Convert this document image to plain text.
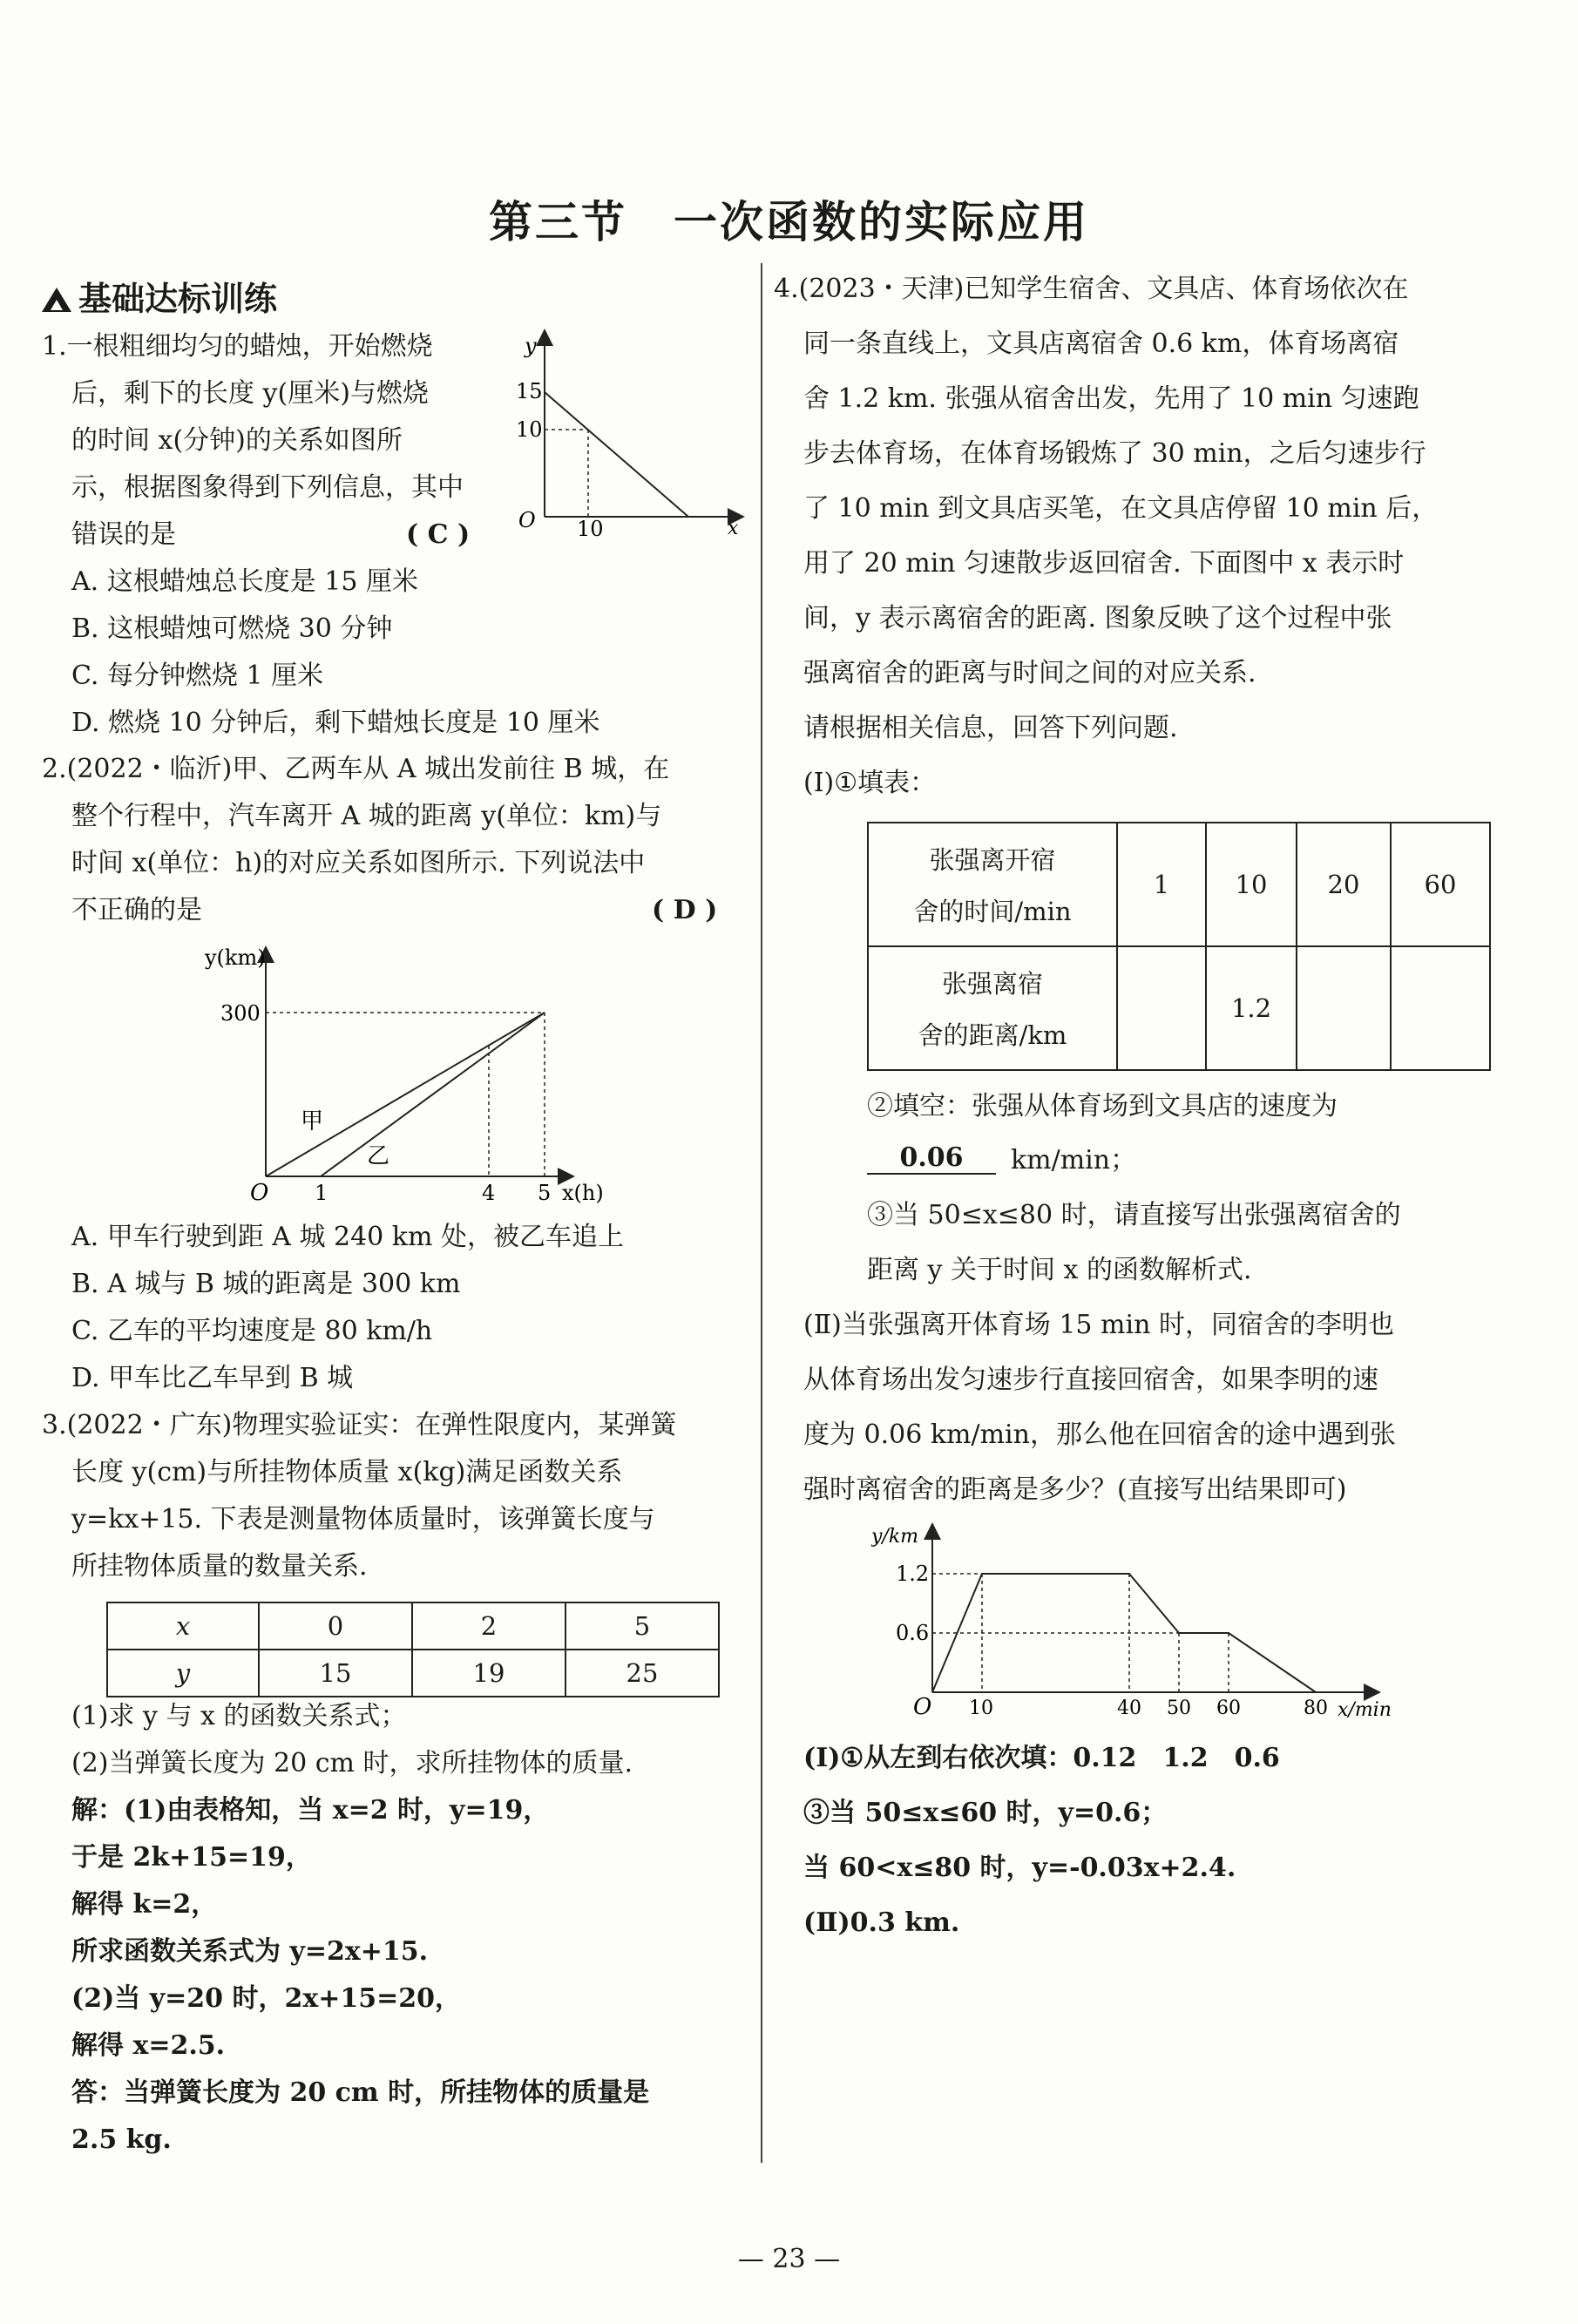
第三节　一次函数的实际应用
基础达标训练
1.一根粗细均匀的蜡烛，开始燃烧
后，剩下的长度 y(厘米)与燃烧
的时间 x(分钟)的关系如图所
示，根据图象得到下列信息，其中
错误的是	( C )
A. 这根蜡烛总长度是 15 厘米
B. 这根蜡烛可燃烧 30 分钟
C. 每分钟燃烧 1 厘米
D. 燃烧 10 分钟后，剩下蜡烛长度是 10 厘米
y
x
15
10
O 10
2.(2022・临沂)甲、乙两车从 A 城出发前往 B 城，在
整个行程中，汽车离开 A 城的距离 y(单位：km)与
时间 x(单位：h)的对应关系如图所示. 下列说法中
不正确的是	( D )
y(km)
x(h)
300
O 1	4 5
甲
乙
A. 甲车行驶到距 A 城 240 km 处，被乙车追上
B. A 城与 B 城的距离是 300 km
C. 乙车的平均速度是 80 km/h
D. 甲车比乙车早到 B 城
3.(2022・广东)物理实验证实：在弹性限度内，某弹簧
长度 y(cm)与所挂物体质量 x(kg)满足函数关系
y=kx+15. 下表是测量物体质量时，该弹簧长度与
所挂物体质量的数量关系.
x	0	2	5
y	15	19	25
(1)求 y 与 x 的函数关系式；
(2)当弹簧长度为 20 cm 时，求所挂物体的质量.
解：(1)由表格知，当 x=2 时，y=19，
于是 2k+15=19，
解得 k=2，
所求函数关系式为 y=2x+15.
(2)当 y=20 时，2x+15=20，
解得 x=2.5.
答：当弹簧长度为 20 cm 时，所挂物体的质量是
2.5 kg.
4.(2023・天津)已知学生宿舍、文具店、体育场依次在
同一条直线上，文具店离宿舍 0.6 km，体育场离宿
舍 1.2 km. 张强从宿舍出发，先用了 10 min 匀速跑
步去体育场，在体育场锻炼了 30 min，之后匀速步行
了 10 min 到文具店买笔，在文具店停留 10 min 后，
用了 20 min 匀速散步返回宿舍. 下面图中 x 表示时
间，y 表示离宿舍的距离. 图象反映了这个过程中张
强离宿舍的距离与时间之间的对应关系.
请根据相关信息，回答下列问题.
(Ⅰ)①填表：
张强离开宿
舍的时间/min	1	10	20	60

张强离宿
舍的距离/km		1.2		
②填空：张强从体育场到文具店的速度为
0.06	km/min；
③当 50≤x≤80 时，请直接写出张强离宿舍的
距离 y 关于时间 x 的函数解析式.
(Ⅱ)当张强离开体育场 15 min 时，同宿舍的李明也
从体育场出发匀速步行直接回宿舍，如果李明的速
度为 0.06 km/min，那么他在回宿舍的途中遇到张
强时离宿舍的距离是多少？(直接写出结果即可)
y/km
x/min
1.2
0.6
O 10	40 50 60	80
(Ⅰ)①从左到右依次填：0.12　1.2　0.6
③当 50≤x≤60 时，y=0.6；
当 60<x≤80 时，y=-0.03x+2.4.
(Ⅱ)0.3 km.
— 23 —
